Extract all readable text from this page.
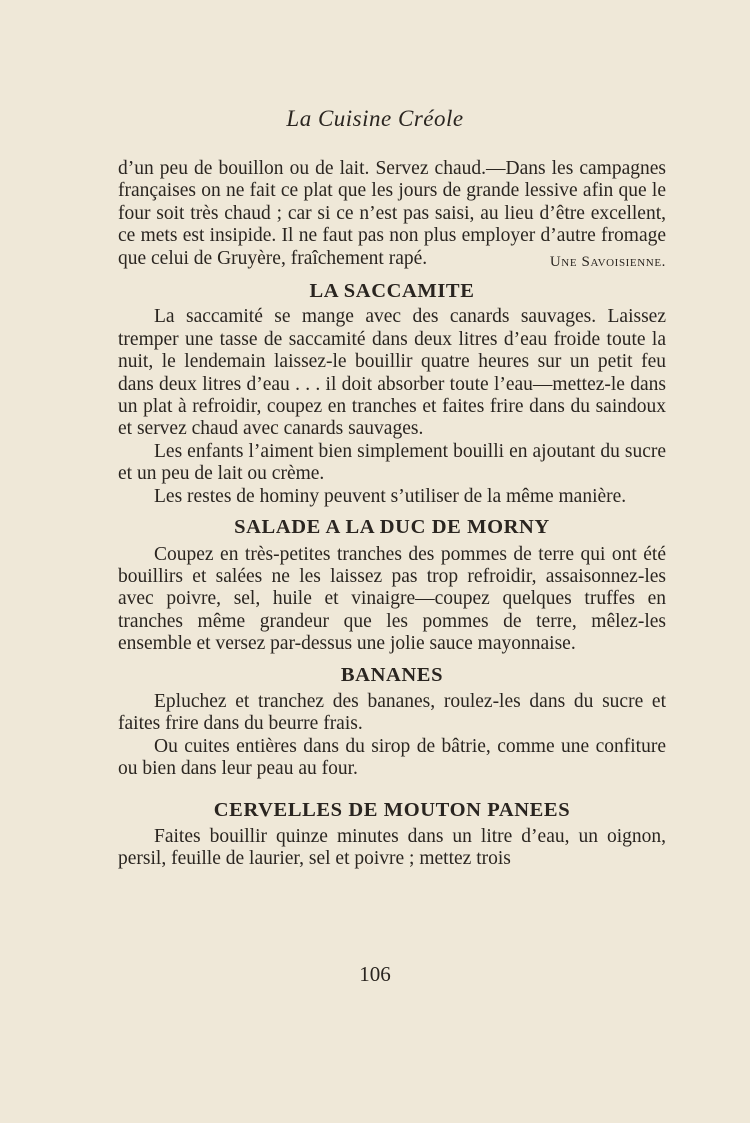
La Cuisine Créole

d’un peu de bouillon ou de lait. Servez chaud.—Dans les campagnes françaises on ne fait ce plat que les jours de grande lessive afin que le four soit très chaud ; car si ce n’est pas saisi, au lieu d’être excellent, ce mets est insipide. Il ne faut pas non plus employer d’autre fromage que celui de Gruyère, fraîchement rapé.	Une Savoisienne.

LA SACCAMITE

La saccamité se mange avec des canards sauvages. Laissez tremper une tasse de saccamité dans deux litres d’eau froide toute la nuit, le lendemain laissez-le bouillir quatre heures sur un petit feu dans deux litres d’eau . . . il doit absorber toute l’eau—mettez-le dans un plat à refroidir, coupez en tranches et faites frire dans du saindoux et servez chaud avec canards sauvages.

Les enfants l’aiment bien simplement bouilli en ajoutant du sucre et un peu de lait ou crème.

Les restes de hominy peuvent s’utiliser de la même manière.

SALADE A LA DUC DE MORNY

Coupez en très-petites tranches des pommes de terre qui ont été bouillirs et salées ne les laissez pas trop refroidir, assaisonnez-les avec poivre, sel, huile et vinaigre—coupez quelques truffes en tranches même grandeur que les pommes de terre, mêlez-les ensemble et versez par-dessus une jolie sauce mayonnaise.

BANANES

Epluchez et tranchez des bananes, roulez-les dans du sucre et faites frire dans du beurre frais.

Ou cuites entières dans du sirop de bâtrie, comme une confiture ou bien dans leur peau au four.

CERVELLES DE MOUTON PANEES

Faites bouillir quinze minutes dans un litre d’eau, un oignon, persil, feuille de laurier, sel et poivre ; mettez trois

106
